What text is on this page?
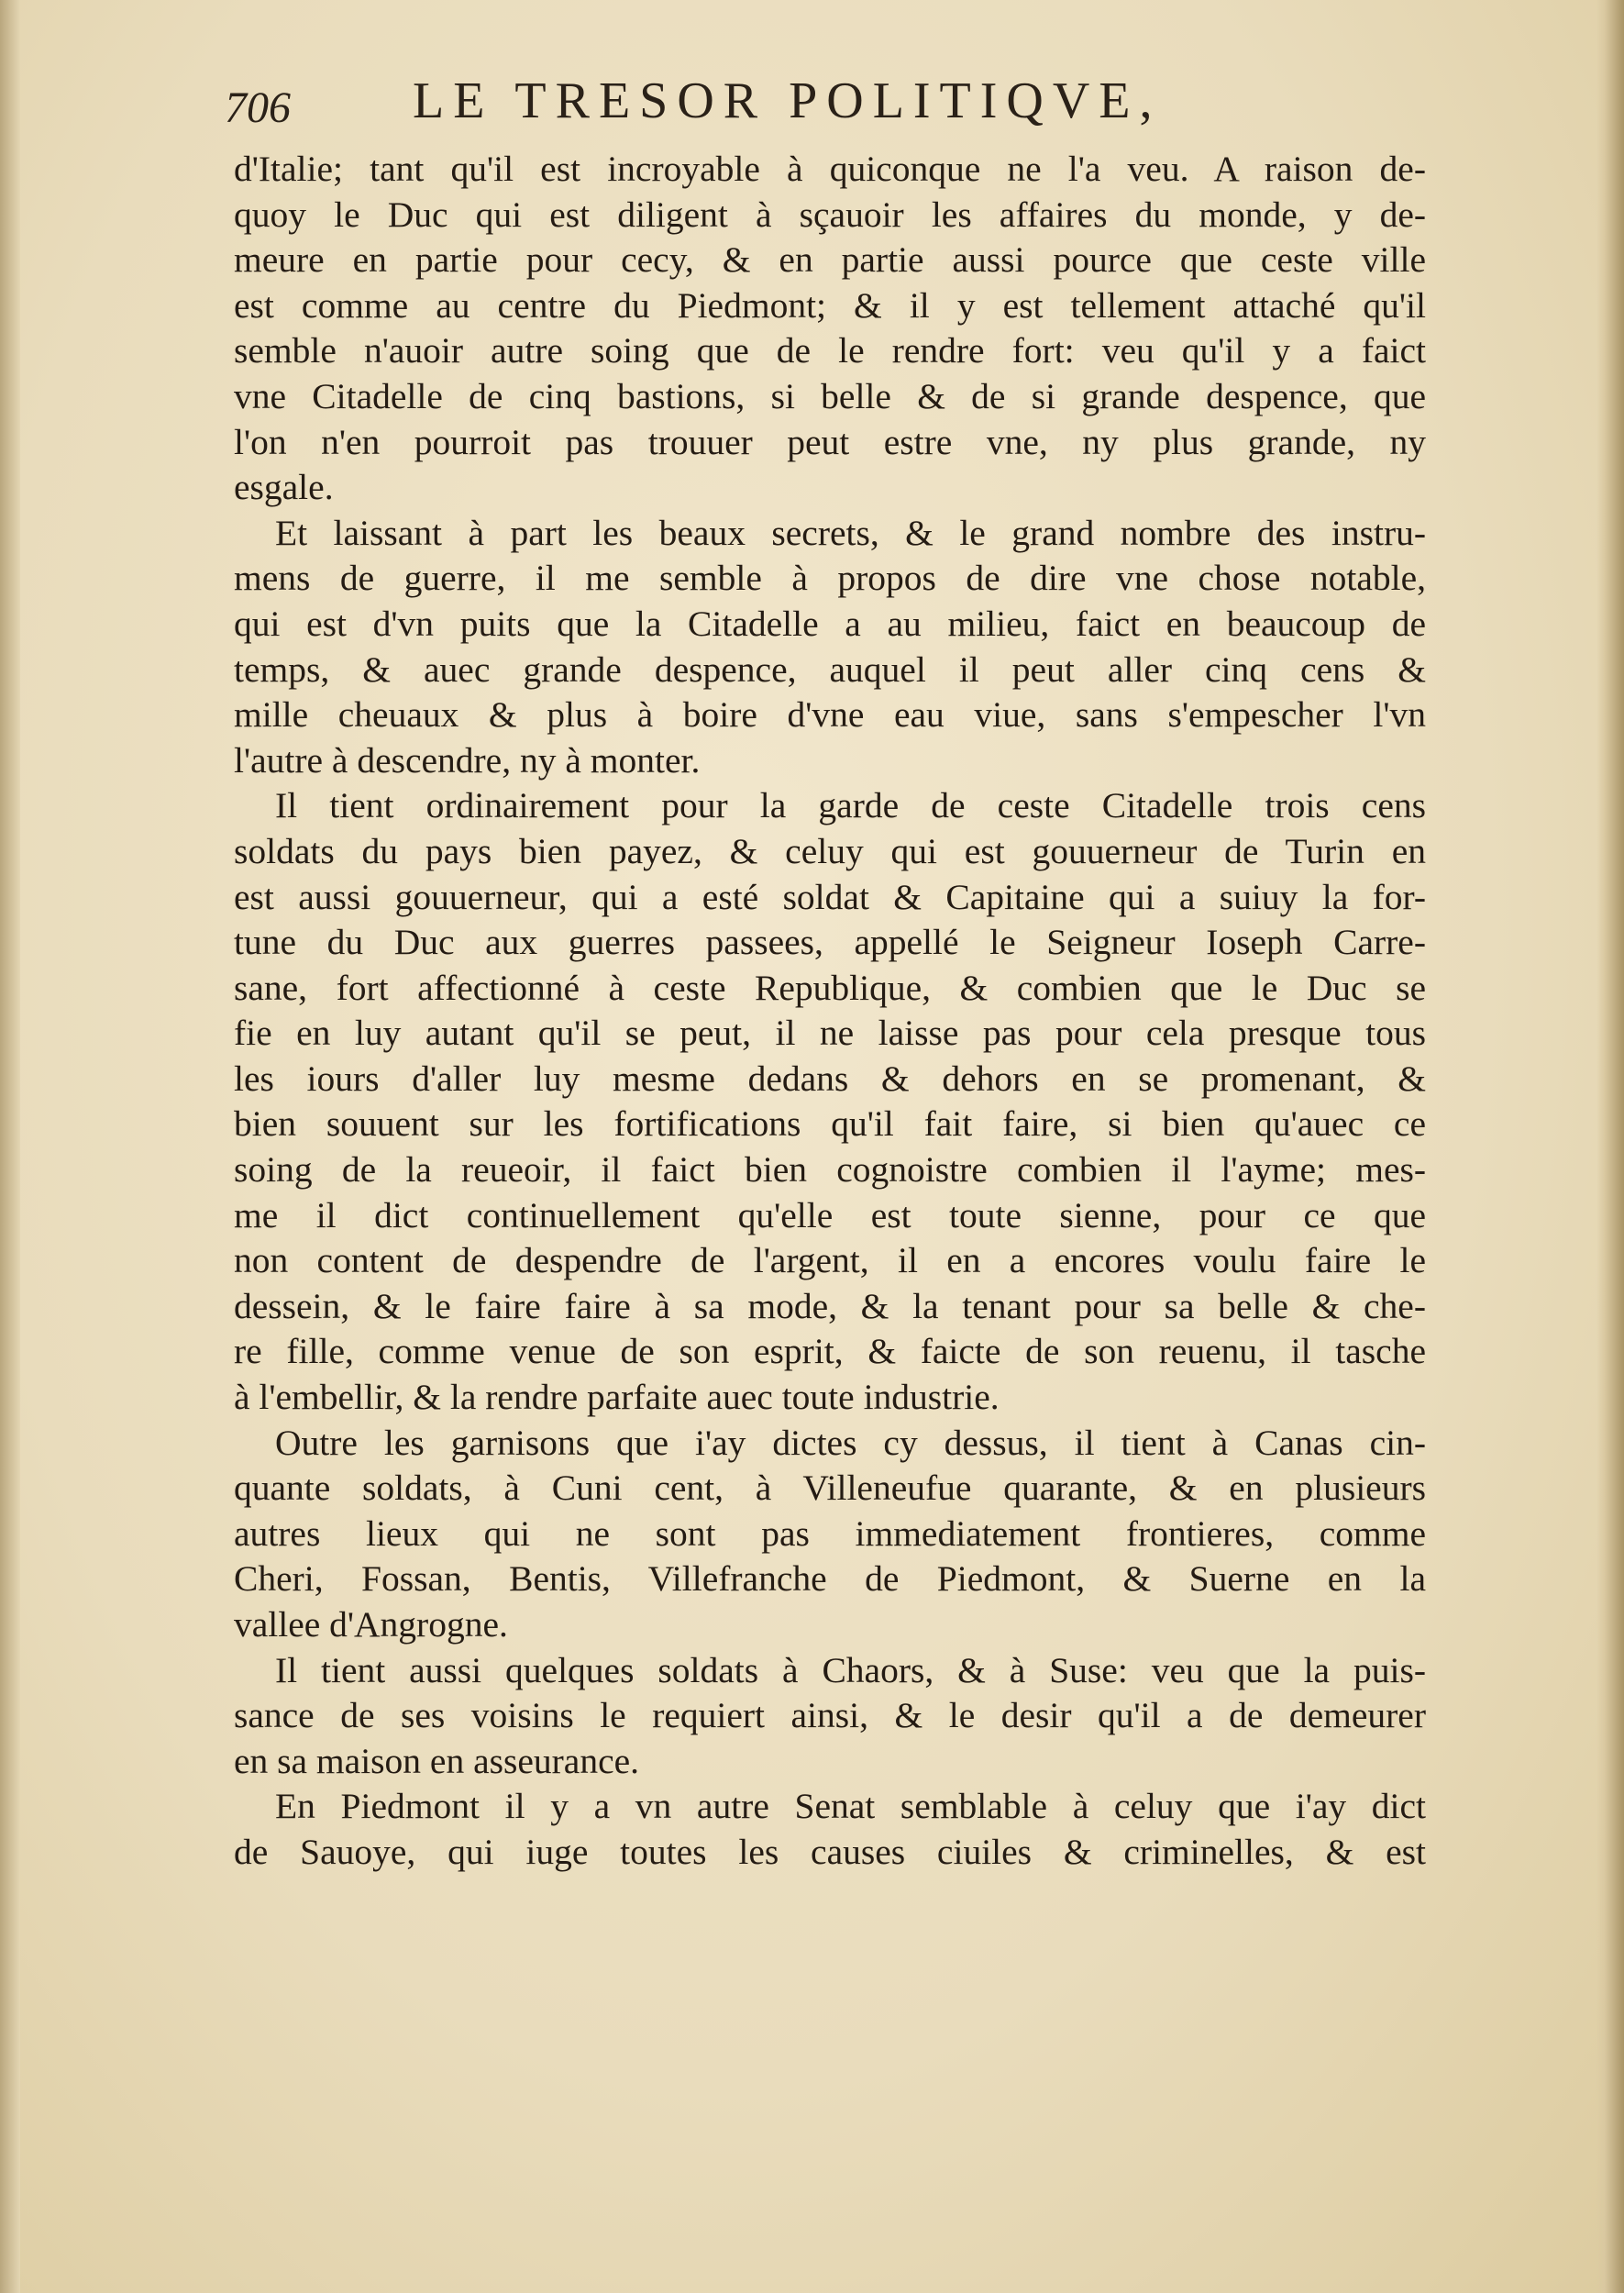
706 LE TRESOR POLITIQVE,
d'Italie; tant qu'il est incroyable à quiconque ne l'a veu. A raison de-
quoy le Duc qui est diligent à sçauoir les affaires du monde, y de-
meure en partie pour cecy, & en partie aussi pource que ceste ville
est comme au centre du Piedmont; & il y est tellement attaché qu'il
semble n'auoir autre soing que de le rendre fort: veu qu'il y a faict
vne Citadelle de cinq bastions, si belle & de si grande despence, que
l'on n'en pourroit pas trouuer peut estre vne, ny plus grande, ny
esgale.
Et laissant à part les beaux secrets, & le grand nombre des instru-
mens de guerre, il me semble à propos de dire vne chose notable,
qui est d'vn puits que la Citadelle a au milieu, faict en beaucoup de
temps, & auec grande despence, auquel il peut aller cinq cens &
mille cheuaux & plus à boire d'vne eau viue, sans s'empescher l'vn
l'autre à descendre, ny à monter.
Il tient ordinairement pour la garde de ceste Citadelle trois cens
soldats du pays bien payez, & celuy qui est gouuerneur de Turin en
est aussi gouuerneur, qui a esté soldat & Capitaine qui a suiuy la for-
tune du Duc aux guerres passees, appellé le Seigneur Ioseph Carre-
sane, fort affectionné à ceste Republique, & combien que le Duc se
fie en luy autant qu'il se peut, il ne laisse pas pour cela presque tous
les iours d'aller luy mesme dedans & dehors en se promenant, &
bien souuent sur les fortifications qu'il fait faire, si bien qu'auec ce
soing de la reueoir, il faict bien cognoistre combien il l'ayme; mes-
me il dict continuellement qu'elle est toute sienne, pour ce que
non content de despendre de l'argent, il en a encores voulu faire le
dessein, & le faire faire à sa mode, & la tenant pour sa belle & che-
re fille, comme venue de son esprit, & faicte de son reuenu, il tasche
à l'embellir, & la rendre parfaite auec toute industrie.
Outre les garnisons que i'ay dictes cy dessus, il tient à Canas cin-
quante soldats, à Cuni cent, à Villeneufue quarante, & en plusieurs
autres lieux qui ne sont pas immediatement frontieres, comme
Cheri, Fossan, Bentis, Villefranche de Piedmont, & Suerne en la
vallee d'Angrogne.
Il tient aussi quelques soldats à Chaors, & à Suse: veu que la puis-
sance de ses voisins le requiert ainsi, & le desir qu'il a de demeurer
en sa maison en asseurance.
En Piedmont il y a vn autre Senat semblable à celuy que i'ay dict
de Sauoye, qui iuge toutes les causes ciuiles & criminelles, & est
